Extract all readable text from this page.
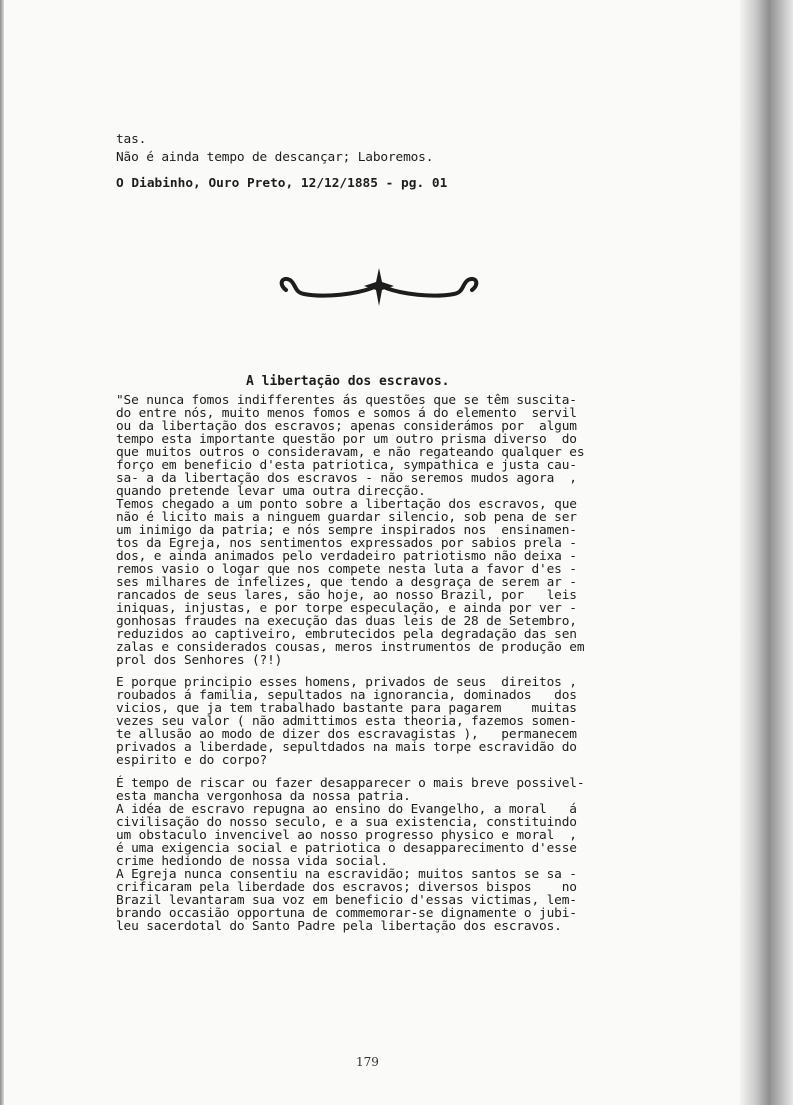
tas.
Não é ainda tempo de descançar; Laboremos.
O Diabinho, Ouro Preto, 12/12/1885 - pg. 01
A libertação dos escravos.
"Se nunca fomos indifferentes ás questões que se têm suscita-
do entre nós, muito menos fomos e somos á do elemento  servil
ou da libertação dos escravos; apenas considerámos por  algum
tempo esta importante questão por um outro prisma diverso  do
que muitos outros o consideravam, e não regateando qualquer es
forço em beneficio d'esta patriotica, sympathica e justa cau-
sa- a da libertação dos escravos - não seremos mudos agora  ,
quando pretende levar uma outra direcção.
Temos chegado a um ponto sobre a libertação dos escravos, que
não é licito mais a ninguem guardar silencio, sob pena de ser
um inimigo da patria; e nós sempre inspirados nos  ensinamen-
tos da Egreja, nos sentimentos expressados por sabios prela -
dos, e ainda animados pelo verdadeiro patriotismo não deixa -
remos vasio o logar que nos compete nesta luta a favor d'es -
ses milhares de infelizes, que tendo a desgraça de serem ar -
rancados de seus lares, são hoje, ao nosso Brazil, por   leis
iniquas, injustas, e por torpe especulação, e ainda por ver -
gonhosas fraudes na execução das duas leis de 28 de Setembro,
reduzidos ao captiveiro, embrutecidos pela degradação das sen
zalas e considerados cousas, meros instrumentos de produção em
prol dos Senhores (?!)
E porque principio esses homens, privados de seus  direitos ,
roubados á familia, sepultados na ignorancia, dominados   dos
vicios, que ja tem trabalhado bastante para pagarem    muitas
vezes seu valor ( não admittimos esta theoria, fazemos somen-
te allusão ao modo de dizer dos escravagistas ),   permanecem
privados a liberdade, sepultdados na mais torpe escravidão do
espirito e do corpo?
É tempo de riscar ou fazer desapparecer o mais breve possivel-
esta mancha vergonhosa da nossa patria.
A idéa de escravo repugna ao ensino do Evangelho, a moral   á
civilisação do nosso seculo, e a sua existencia, constituindo
um obstaculo invencivel ao nosso progresso physico e moral  ,
é uma exigencia social e patriotica o desapparecimento d'esse
crime hediondo de nossa vida social.
A Egreja nunca consentiu na escravidão; muitos santos se sa -
crificaram pela liberdade dos escravos; diversos bispos    no
Brazil levantaram sua voz em beneficio d'essas victimas, lem-
brando occasião opportuna de commemorar-se dignamente o jubi-
leu sacerdotal do Santo Padre pela libertação dos escravos.
179
